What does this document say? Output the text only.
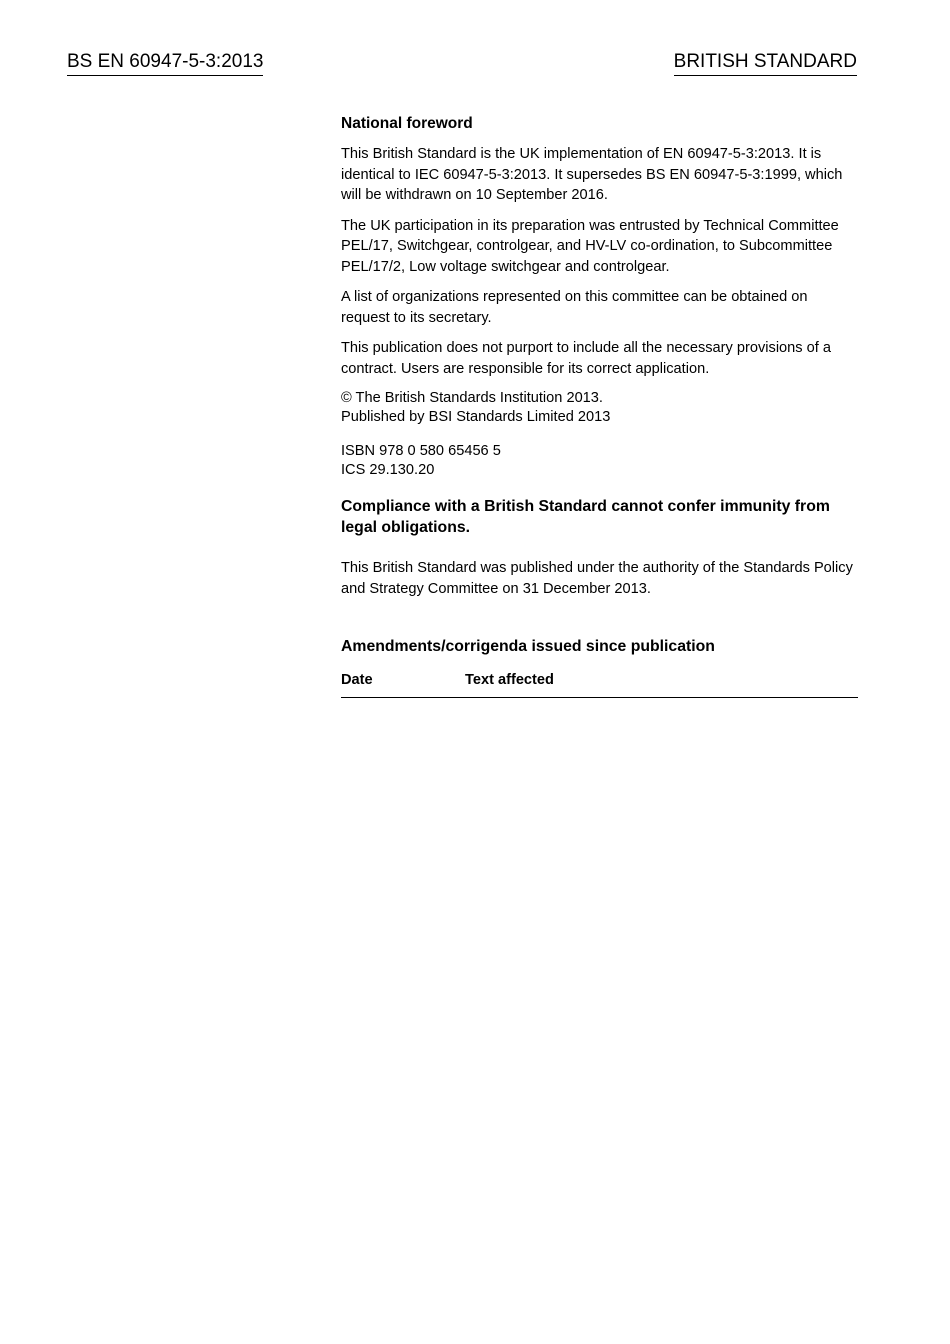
BS EN 60947-5-3:2013	BRITISH STANDARD
National foreword

This British Standard is the UK implementation of EN 60947-5-3:2013. It is identical to IEC 60947-5-3:2013. It supersedes BS EN 60947-5-3:1999, which will be withdrawn on 10 September 2016.

The UK participation in its preparation was entrusted by Technical Committee PEL/17, Switchgear, controlgear, and HV-LV co-ordination, to Subcommittee PEL/17/2, Low voltage switchgear and controlgear.

A list of organizations represented on this committee can be obtained on request to its secretary.

This publication does not purport to include all the necessary provisions of a contract. Users are responsible for its correct application.

© The British Standards Institution 2013.
Published by BSI Standards Limited 2013
ISBN 978 0 580 65456 5
ICS 29.130.20

Compliance with a British Standard cannot confer immunity from legal obligations.

This British Standard was published under the authority of the Standards Policy and Strategy Committee on 31 December 2013.

Amendments/corrigenda issued since publication
Date	Text affected
